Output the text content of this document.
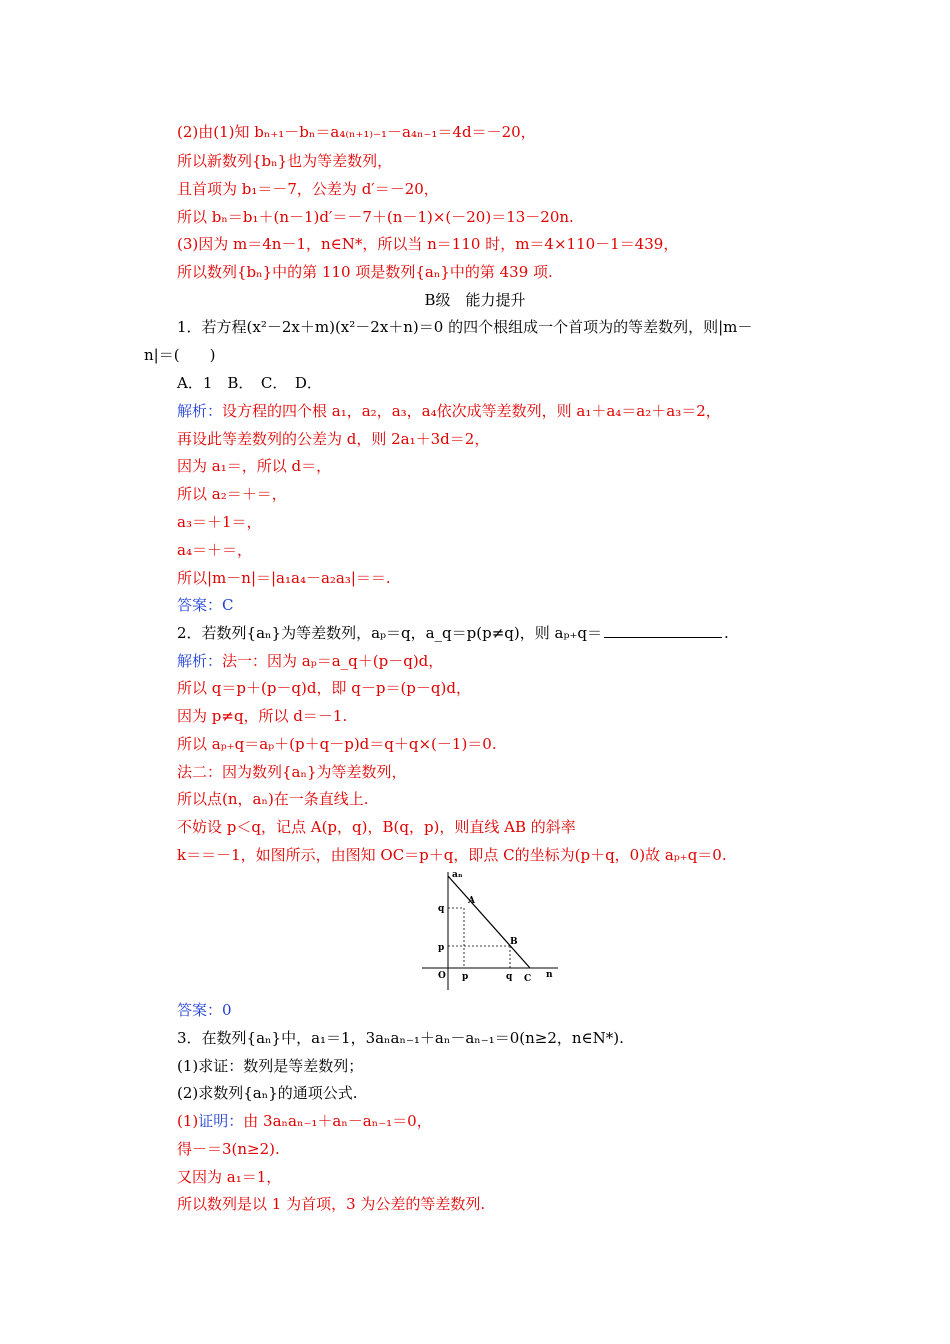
(2)由(1)知 bₙ₊₁－bₙ＝a₄₍ₙ₊₁₎₋₁－a₄ₙ₋₁＝4d＝－20，
所以新数列{bₙ}也为等差数列，
且首项为 b₁＝－7，公差为 d′＝－20，
所以 bₙ＝b₁＋(n－1)d′＝－7＋(n－1)×(－20)＝13－20n.
(3)因为 m＝4n－1，n∈N*，所以当 n＝110 时，m＝4×110－1＝439，
所以数列{bₙ}中的第 110 项是数列{aₙ}中的第 439 项.
B级　能力提升
1．若方程(x²－2x＋m)(x²－2x＋n)＝0 的四个根组成一个首项为的等差数列，则|m－
n|＝(　　)
A．1　B．　C．　D．
解析：设方程的四个根 a₁，a₂，a₃，a₄依次成等差数列，则 a₁＋a₄＝a₂＋a₃＝2，
再设此等差数列的公差为 d，则 2a₁＋3d＝2，
因为 a₁＝，所以 d＝，
所以 a₂＝＋＝，
a₃＝＋1＝，
a₄＝＋＝，
所以|m－n|＝|a₁a₄－a₂a₃|＝＝.
答案：C
2．若数列{aₙ}为等差数列，aₚ＝q，a_q＝p(p≠q)，则 aₚ₊q＝	.
解析：法一：因为 aₚ＝a_q＋(p－q)d，
所以 q＝p＋(p－q)d，即 q－p＝(p－q)d，
因为 p≠q，所以 d＝－1.
所以 aₚ₊q＝aₚ＋(p＋q－p)d＝q＋q×(－1)＝0.
法二：因为数列{aₙ}为等差数列，
所以点(n，aₙ)在一条直线上.
不妨设 p＜q，记点 A(p，q)，B(q，p)，则直线 AB 的斜率
k＝＝－1，如图所示，由图知 OC＝p＋q，即点 C的坐标为(p＋q，0)故 aₚ₊q＝0.
aₙ
n
O
A
B
C
q
p
p	q
答案：0
3．在数列{aₙ}中，a₁＝1，3aₙaₙ₋₁＋aₙ－aₙ₋₁＝0(n≥2，n∈N*).
(1)求证：数列是等差数列；
(2)求数列{aₙ}的通项公式.
(1)证明：由 3aₙaₙ₋₁＋aₙ－aₙ₋₁＝0，
得－＝3(n≥2).
又因为 a₁＝1，
所以数列是以 1 为首项，3 为公差的等差数列.
